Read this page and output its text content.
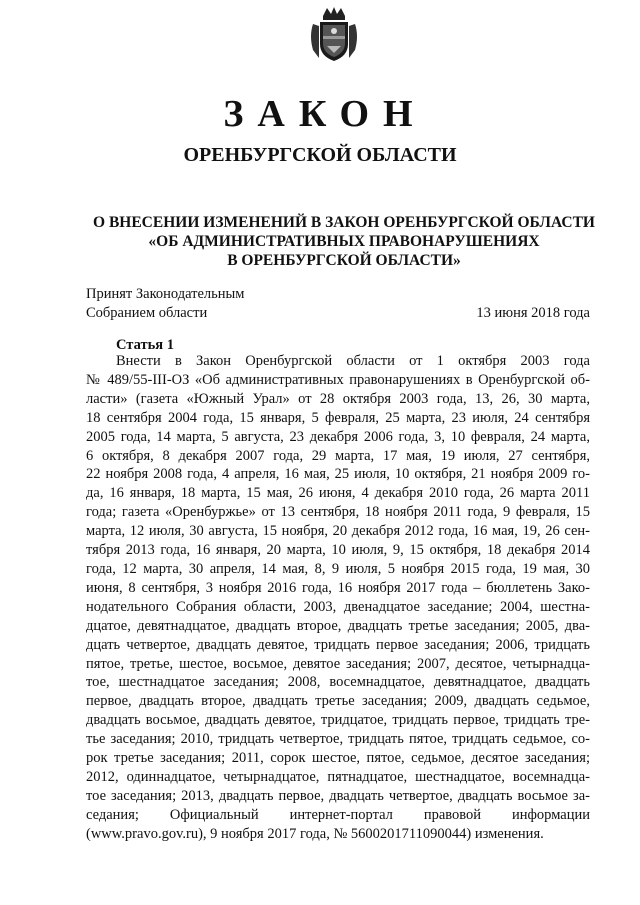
ЗАКОН
ОРЕНБУРГСКОЙ ОБЛАСТИ
О ВНЕСЕНИИ ИЗМЕНЕНИЙ В ЗАКОН ОРЕНБУРГСКОЙ ОБЛАСТИ
«ОБ АДМИНИСТРАТИВНЫХ ПРАВОНАРУШЕНИЯХ
В ОРЕНБУРГСКОЙ ОБЛАСТИ»
Принят Законодательным
Собранием области	13 июня 2018 года
Статья 1
Внести в Закон Оренбургской области от 1 октября 2003 года
№ 489/55-III-ОЗ «Об административных правонарушениях в Оренбургской об-
ласти» (газета «Южный Урал» от 28 октября 2003 года, 13, 26, 30 марта,
18 сентября 2004 года, 15 января, 5 февраля, 25 марта, 23 июля, 24 сентября
2005 года, 14 марта, 5 августа, 23 декабря 2006 года, 3, 10 февраля, 24 марта,
6 октября, 8 декабря 2007 года, 29 марта, 17 мая, 19 июля, 27 сентября,
22 ноября 2008 года, 4 апреля, 16 мая, 25 июля, 10 октября, 21 ноября 2009 го-
да, 16 января, 18 марта, 15 мая, 26 июня, 4 декабря 2010 года, 26 марта 2011
года; газета «Оренбуржье» от 13 сентября, 18 ноября 2011 года, 9 февраля, 15
марта, 12 июля, 30 августа, 15 ноября, 20 декабря 2012 года, 16 мая, 19, 26 сен-
тября 2013 года, 16 января, 20 марта, 10 июля, 9, 15 октября, 18 декабря 2014
года, 12 марта, 30 апреля, 14 мая, 8, 9 июля, 5 ноября 2015 года, 19 мая, 30
июня, 8 сентября, 3 ноября 2016 года, 16 ноября 2017 года – бюллетень Зако-
нодательного Собрания области, 2003, двенадцатое заседание; 2004, шестна-
дцатое, девятнадцатое, двадцать второе, двадцать третье заседания; 2005, два-
дцать четвертое, двадцать девятое, тридцать первое заседания; 2006, тридцать
пятое, третье, шестое, восьмое, девятое заседания; 2007, десятое, четырнадца-
тое, шестнадцатое заседания; 2008, восемнадцатое, девятнадцатое, двадцать
первое, двадцать второе, двадцать третье заседания; 2009, двадцать седьмое,
двадцать восьмое, двадцать девятое, тридцатое, тридцать первое, тридцать тре-
тье заседания; 2010, тридцать четвертое, тридцать пятое, тридцать седьмое, со-
рок третье заседания; 2011, сорок шестое, пятое, седьмое, десятое заседания;
2012, одиннадцатое, четырнадцатое, пятнадцатое, шестнадцатое, восемнадца-
тое заседания; 2013, двадцать первое, двадцать четвертое, двадцать восьмое за-
седания; Официальный интернет-портал правовой информации
(www.pravo.gov.ru), 9 ноября 2017 года, № 5600201711090044) изменения.
